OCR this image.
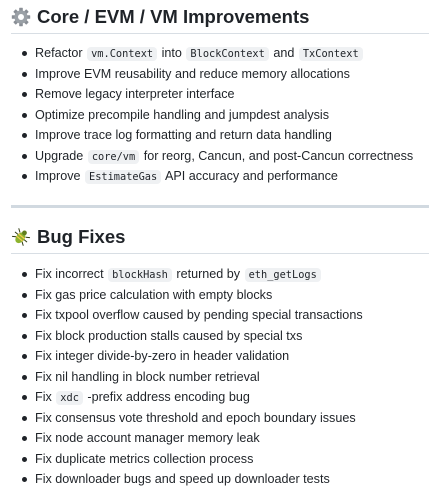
Core / EVM / VM Improvements
Refactor vm.Context into BlockContext and TxContext
Improve EVM reusability and reduce memory allocations
Remove legacy interpreter interface
Optimize precompile handling and jumpdest analysis
Improve trace log formatting and return data handling
Upgrade core/vm for reorg, Cancun, and post-Cancun correctness
Improve EstimateGas API accuracy and performance
Bug Fixes
Fix incorrect blockHash returned by eth_getLogs
Fix gas price calculation with empty blocks
Fix txpool overflow caused by pending special transactions
Fix block production stalls caused by special txs
Fix integer divide-by-zero in header validation
Fix nil handling in block number retrieval
Fix xdc -prefix address encoding bug
Fix consensus vote threshold and epoch boundary issues
Fix node account manager memory leak
Fix duplicate metrics collection process
Fix downloader bugs and speed up downloader tests
